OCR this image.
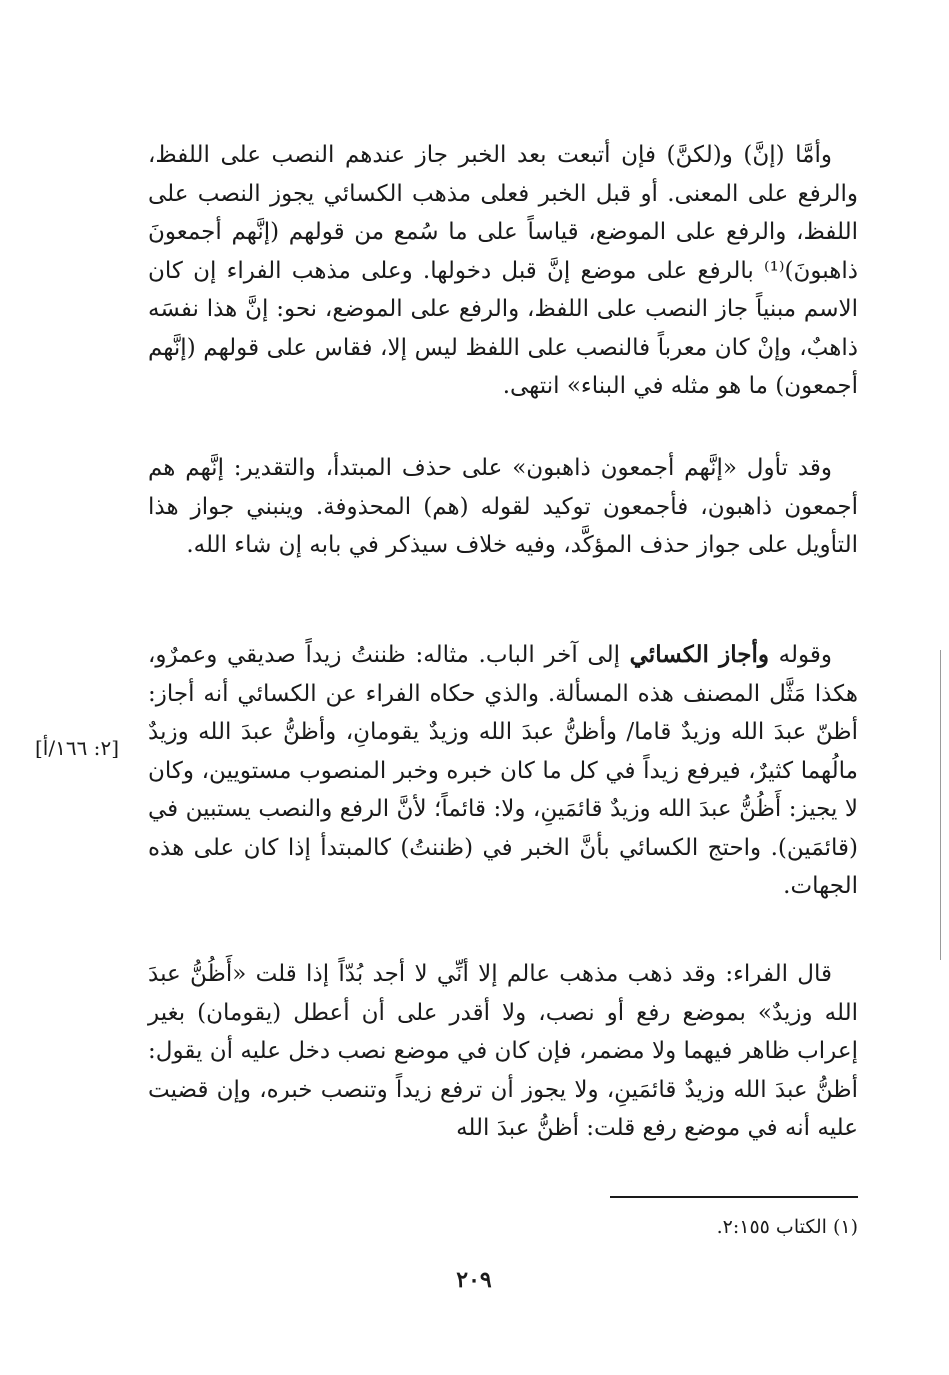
وأمَّا (إنَّ) و(لكنَّ) فإن أتبعت بعد الخبر جاز عندهم النصب على اللفظ، والرفع على المعنى. أو قبل الخبر فعلى مذهب الكسائي يجوز النصب على اللفظ، والرفع على الموضع، قياساً على ما سُمع من قولهم (إنَّهم أجمعونَ ذاهبونَ)⁽¹⁾ بالرفع على موضع إنَّ قبل دخولها. وعلى مذهب الفراء إن كان الاسم مبنياً جاز النصب على اللفظ، والرفع على الموضع، نحو: إنَّ هذا نفسَه ذاهبٌ، وإنْ كان معرباً فالنصب على اللفظ ليس إلا، فقاس على قولهم (إنَّهم أجمعون) ما هو مثله في البناء» انتهى.

وقد تأول «إنَّهم أجمعون ذاهبون» على حذف المبتدأ، والتقدير: إنَّهم هم أجمعون ذاهبون، فأجمعون توكيد لقوله (هم) المحذوفة. وينبني جواز هذا التأويل على جواز حذف المؤكَّد، وفيه خلاف سيذكر في بابه إن شاء الله.

وقوله وأجاز الكسائي إلى آخر الباب. مثاله: ظننتُ زيداً صديقي وعمرٌو، هكذا مَثَّل المصنف هذه المسألة. والذي حكاه الفراء عن الكسائي أنه أجاز: أظنّ عبدَ الله وزيدٌ قاما/ وأظنُّ عبدَ الله وزيدٌ يقومانِ، وأظنُّ عبدَ الله وزيدٌ مالُهما كثيرٌ، فيرفع زيداً في كل ما كان خبره وخبر المنصوب مستويين، وكان لا يجيز: أَظُنُّ عبدَ الله وزيدٌ قائمَينِ، ولا: قائماً؛ لأنَّ الرفع والنصب يستبين في (قائمَين). واحتج الكسائي بأنَّ الخبر في (ظننتُ) كالمبتدأ إذا كان على هذه الجهات.

[٢: ١٦٦/أ]

قال الفراء: وقد ذهب مذهب عالم إلا أنِّي لا أجد بُدّاً إذا قلت «أَظُنُّ عبدَ الله وزيدٌ» بموضع رفع أو نصب، ولا أقدر على أن أعطل (يقومان) بغير إعراب ظاهر فيهما ولا مضمر، فإن كان في موضع نصب دخل عليه أن يقول: أظنُّ عبدَ الله وزيدٌ قائمَينِ، ولا يجوز أن ترفع زيداً وتنصب خبره، وإن قضيت عليه أنه في موضع رفع قلت: أظنُّ عبدَ الله

(١) الكتاب ٢:١٥٥.
٢٠٩
